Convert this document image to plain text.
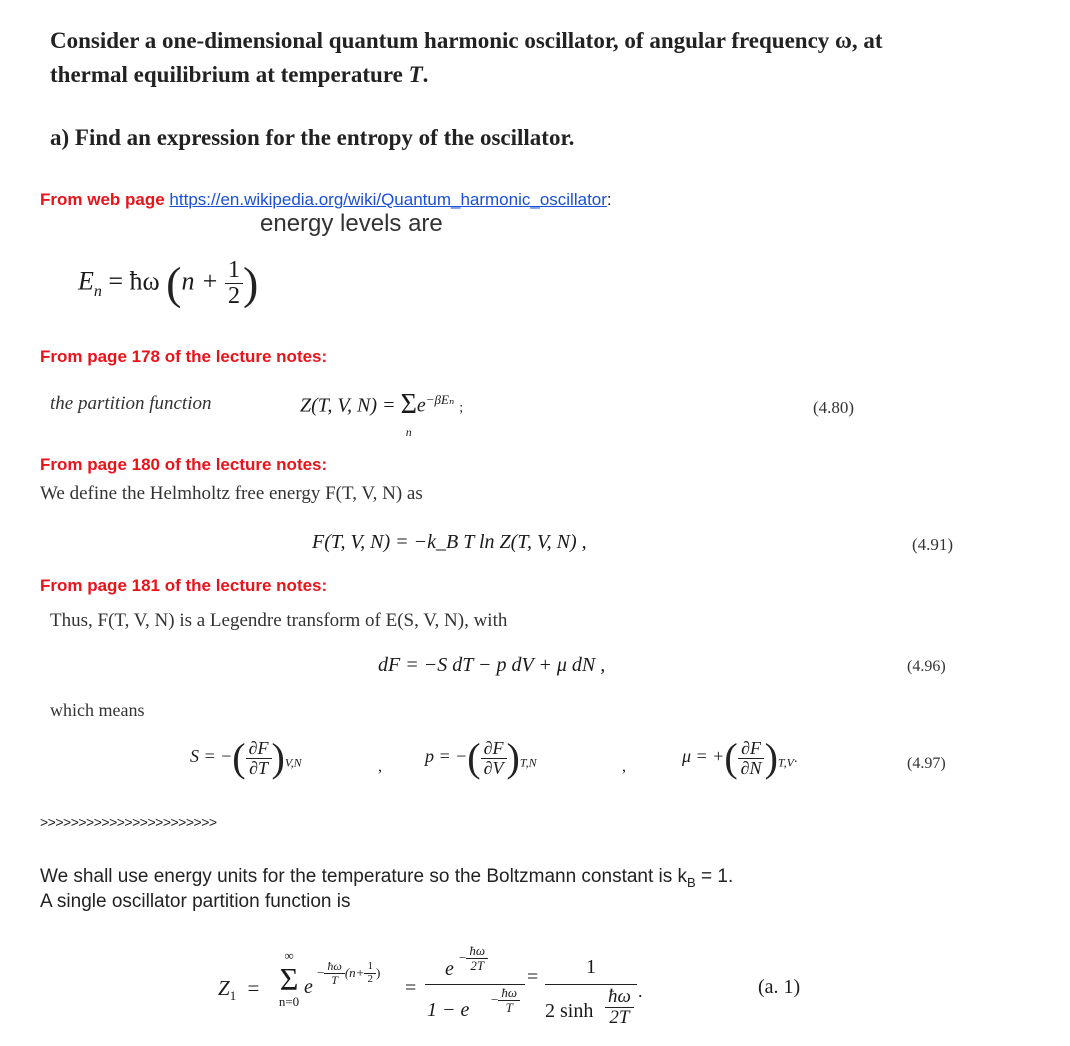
Consider a one-dimensional quantum harmonic oscillator, of angular frequency ω, at
thermal equilibrium at temperature T.
a) Find an expression for the entropy of the oscillator.
From web page https://en.wikipedia.org/wiki/Quantum_harmonic_oscillator:
energy levels are
$E_n$ = ħω ($n + \frac{1}{2}$ )
From page 178 of the lecture notes:
the partition function	Z(T, V, N) = Σ
n
$e^{-\beta E_n}$ ;	(4.80)
From page 180 of the lecture notes:
We define the Helmholtz free energy F(T, V, N) as
F(T, V, N) = −k_B T ln Z(T, V, N) ,	(4.91)
From page 181 of the lecture notes:
Thus, F(T, V, N) is a Legendre transform of E(S, V, N), with
dF = −S dT − p dV + μ dN ,	(4.96)
which means
S = −( $\frac{\partial F}{\partial T} )_{V,N}$	,
p = −( $\frac{\partial F}{\partial V} )_{T,N}$	,
μ = +( $\frac{\partial F}{\partial N} )_{T,V}$.	(4.97)
>>>>>>>>>>>>>>>>>>>>>>>
We shall use energy units for the temperature so the Boltzmann constant is $k_B = 1$.
A single oscillator partition function is
$Z_1$ =
∞
Σ
n=0
e
− $\frac{ħ\omega}{T} (n+ \frac{1}{2}$ )
=
e
− $\frac{ħ\omega}{2T}$
$1 - e - \frac{ħ\omega}{T}$
=	1
2 $\sinh \frac{ħ\omega}{2T}$ .	(a. 1)
